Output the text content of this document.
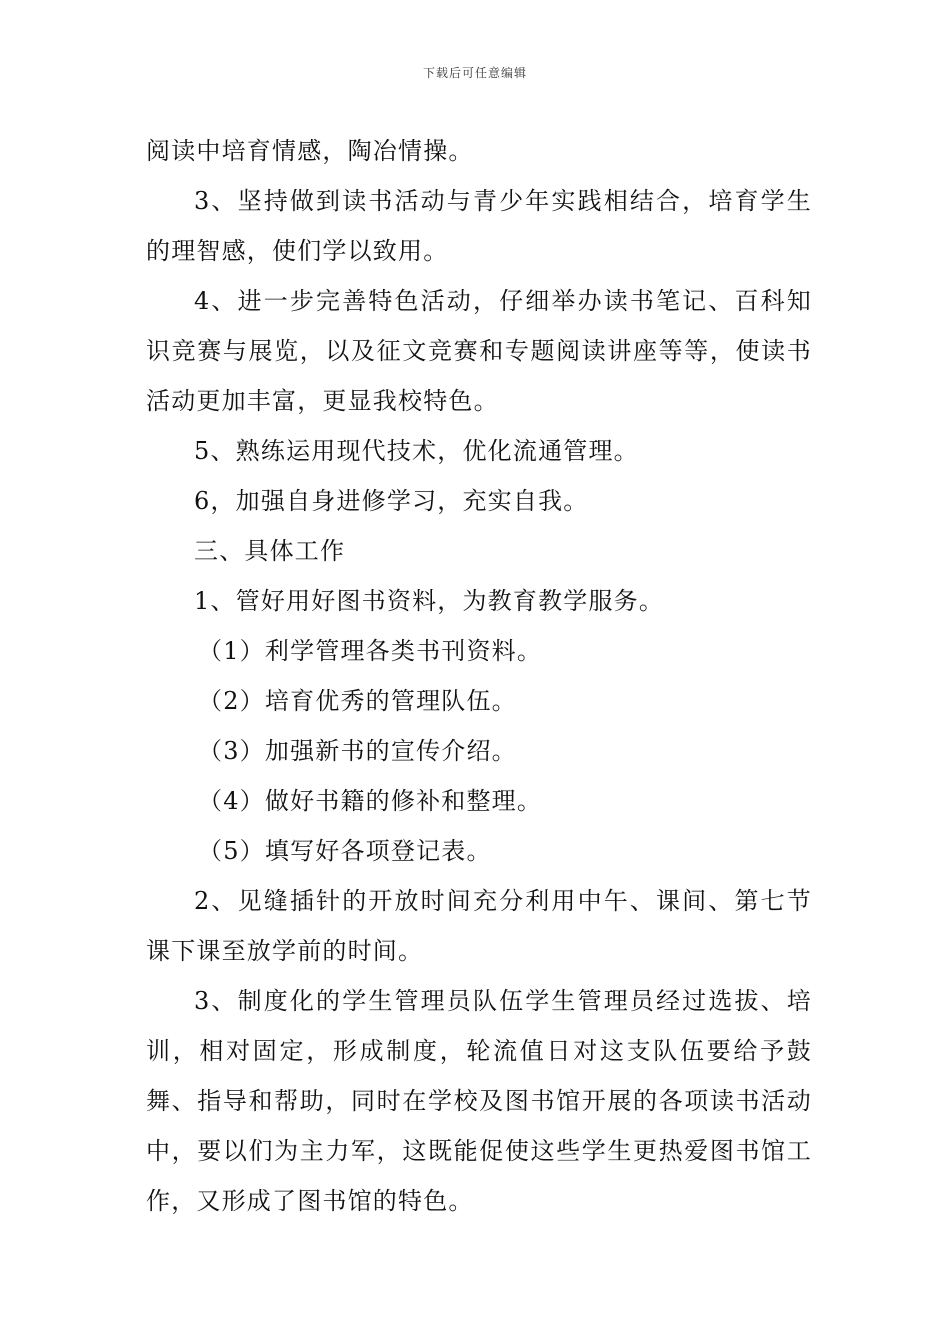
下载后可任意编辑

阅读中培育情感，陶冶情操。

3、坚持做到读书活动与青少年实践相结合，培育学生的理智感，使们学以致用。

4、进一步完善特色活动，仔细举办读书笔记、百科知识竞赛与展览，以及征文竞赛和专题阅读讲座等等，使读书活动更加丰富，更显我校特色。

5、熟练运用现代技术，优化流通管理。

6，加强自身进修学习，充实自我。

三、具体工作

1、管好用好图书资料，为教育教学服务。

（1）利学管理各类书刊资料。

（2）培育优秀的管理队伍。

（3）加强新书的宣传介绍。

（4）做好书籍的修补和整理。

（5）填写好各项登记表。

2、见缝插针的开放时间充分利用中午、课间、第七节课下课至放学前的时间。

3、制度化的学生管理员队伍学生管理员经过选拔、培训，相对固定，形成制度，轮流值日对这支队伍要给予鼓舞、指导和帮助，同时在学校及图书馆开展的各项读书活动中，要以们为主力军，这既能促使这些学生更热爱图书馆工作，又形成了图书馆的特色。
